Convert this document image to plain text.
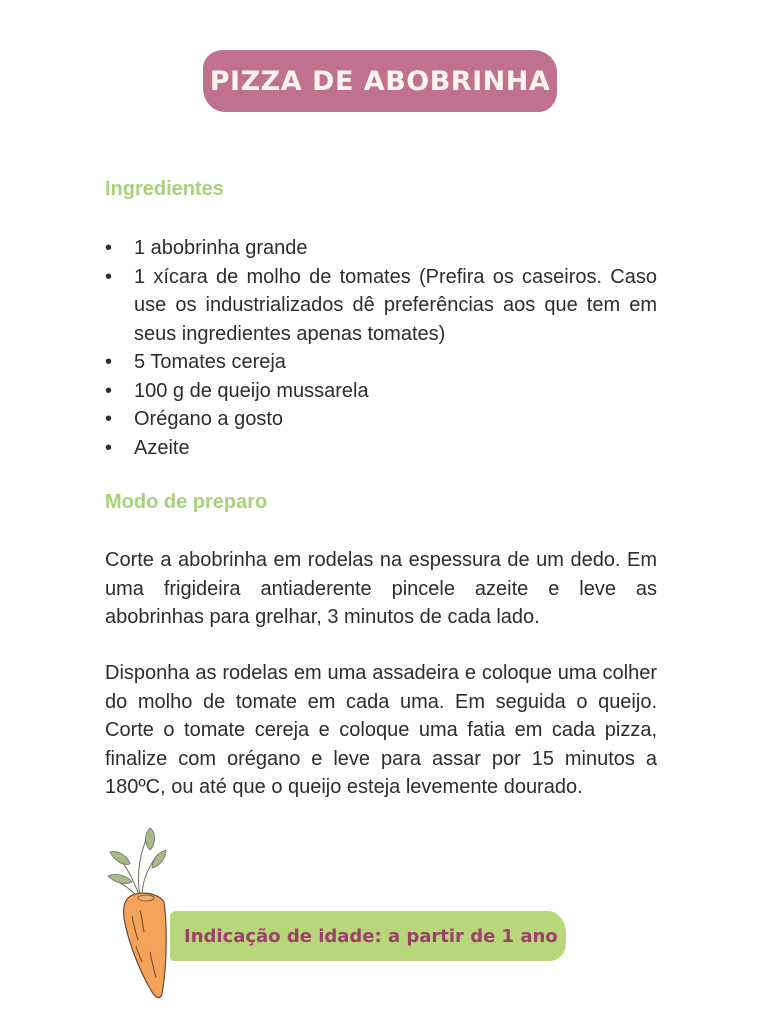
PIZZA DE ABOBRINHA
Ingredientes
• 1 abobrinha grande
• 1 xícara de molho de tomates (Prefira os caseiros. Caso use os industrializados dê preferências aos que tem em seus ingredientes apenas tomates)
• 5 Tomates cereja
• 100 g de queijo mussarela
• Orégano a gosto
• Azeite
Modo de preparo

Corte a abobrinha em rodelas na espessura de um dedo. Em uma frigideira antiaderente pincele azeite e leve as abobrinhas para grelhar, 3 minutos de cada lado.

Disponha as rodelas em uma assadeira e coloque uma colher do molho de tomate em cada uma. Em seguida o queijo. Corte o tomate cereja e coloque uma fatia em cada pizza, finalize com orégano e leve para assar por 15 minutos a 180ºC, ou até que o queijo esteja levemente dourado.

Indicação de idade: a partir de 1 ano
